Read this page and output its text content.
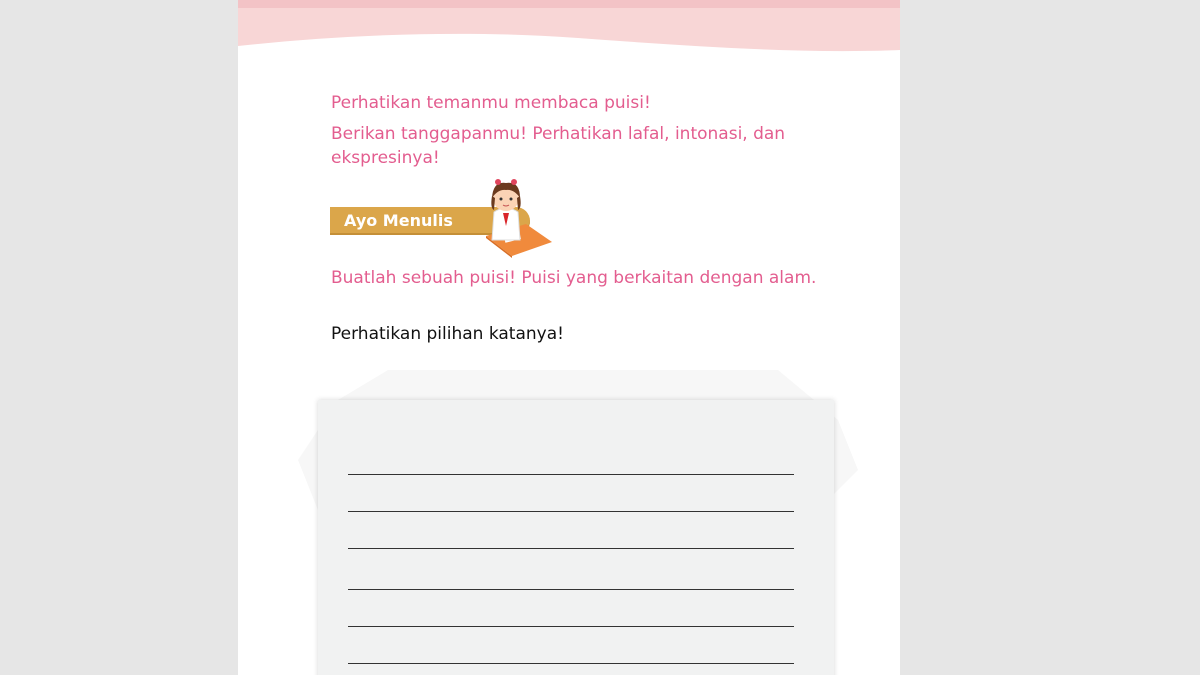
Perhatikan temanmu membaca puisi!

Berikan tanggapanmu! Perhatikan lafal, intonasi, dan ekspresinya!

Ayo Menulis

Buatlah sebuah puisi! Puisi yang berkaitan dengan alam.

Perhatikan pilihan katanya!
